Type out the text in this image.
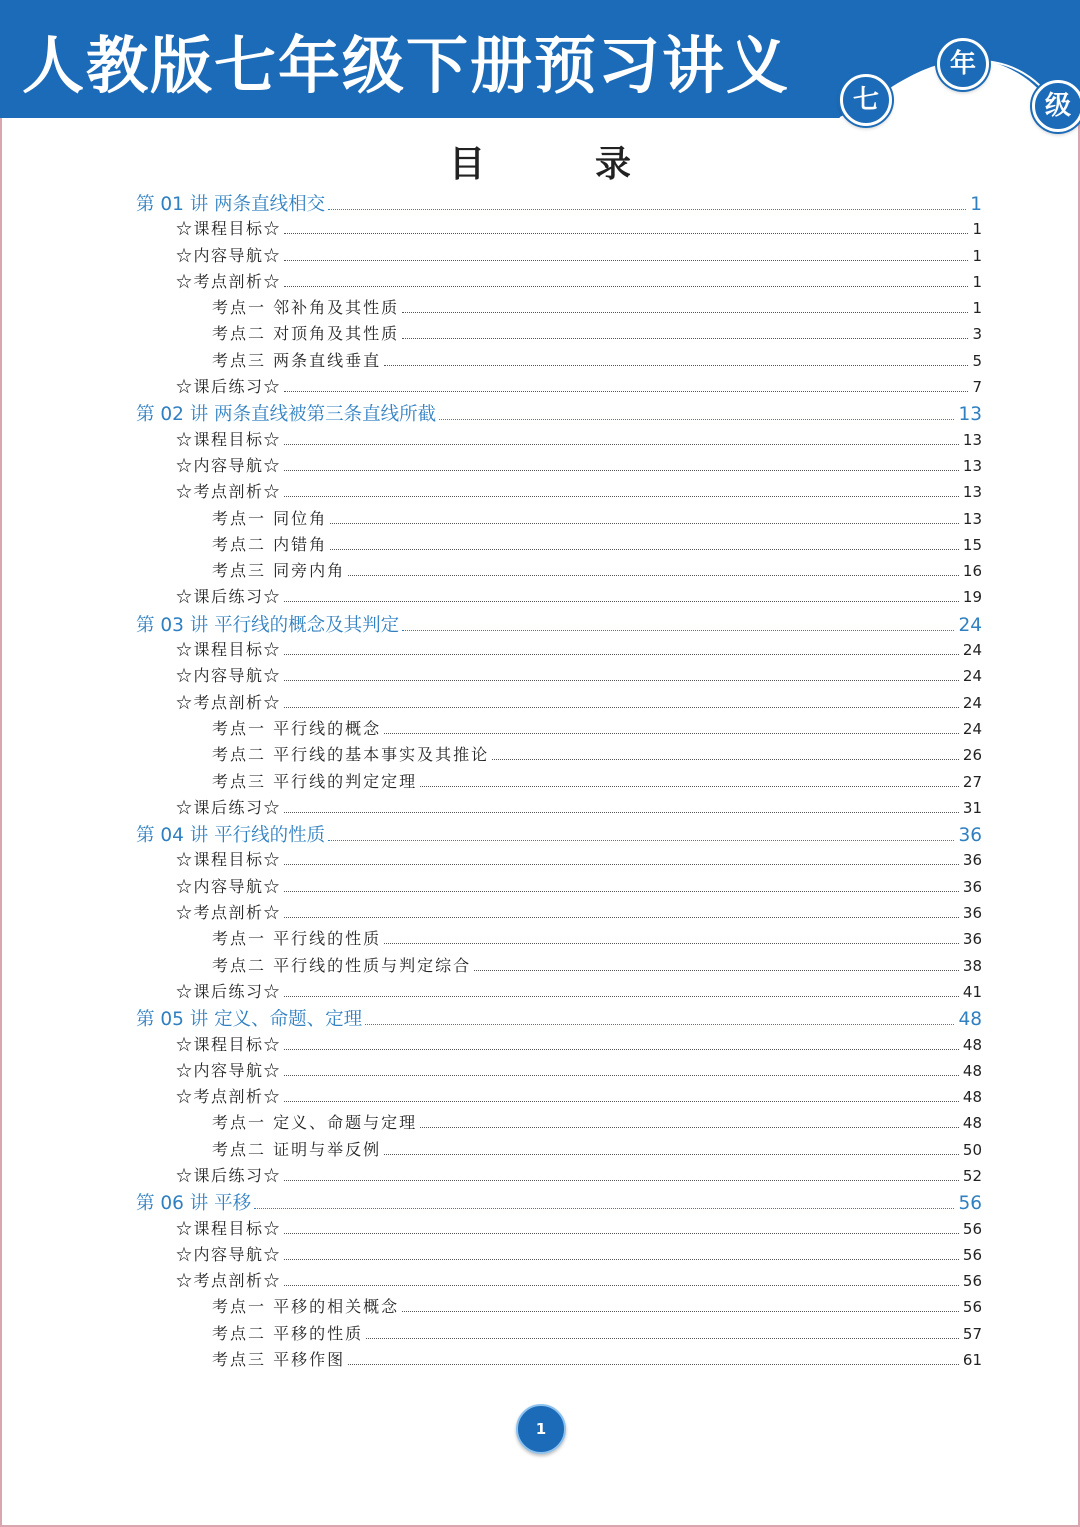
人教版七年级下册预习讲义	七
年
级
目录
第 01 讲 两条直线相交	1
☆课程目标☆	1
☆内容导航☆	1
☆考点剖析☆	1
考点一 邻补角及其性质	1
考点二 对顶角及其性质	3
考点三 两条直线垂直	5
☆课后练习☆	7
第 02 讲 两条直线被第三条直线所截	13
☆课程目标☆	13
☆内容导航☆	13
☆考点剖析☆	13
考点一 同位角	13
考点二 内错角	15
考点三 同旁内角	16
☆课后练习☆	19
第 03 讲 平行线的概念及其判定	24
☆课程目标☆	24
☆内容导航☆	24
☆考点剖析☆	24
考点一 平行线的概念	24
考点二 平行线的基本事实及其推论	26
考点三 平行线的判定定理	27
☆课后练习☆	31
第 04 讲 平行线的性质	36
☆课程目标☆	36
☆内容导航☆	36
☆考点剖析☆	36
考点一 平行线的性质	36
考点二 平行线的性质与判定综合	38
☆课后练习☆	41
第 05 讲 定义、命题、定理	48
☆课程目标☆	48
☆内容导航☆	48
☆考点剖析☆	48
考点一 定义、命题与定理	48
考点二 证明与举反例	50
☆课后练习☆	52
第 06 讲 平移	56
☆课程目标☆	56
☆内容导航☆	56
☆考点剖析☆	56
考点一 平移的相关概念	56
考点二 平移的性质	57
考点三 平移作图	61
1
